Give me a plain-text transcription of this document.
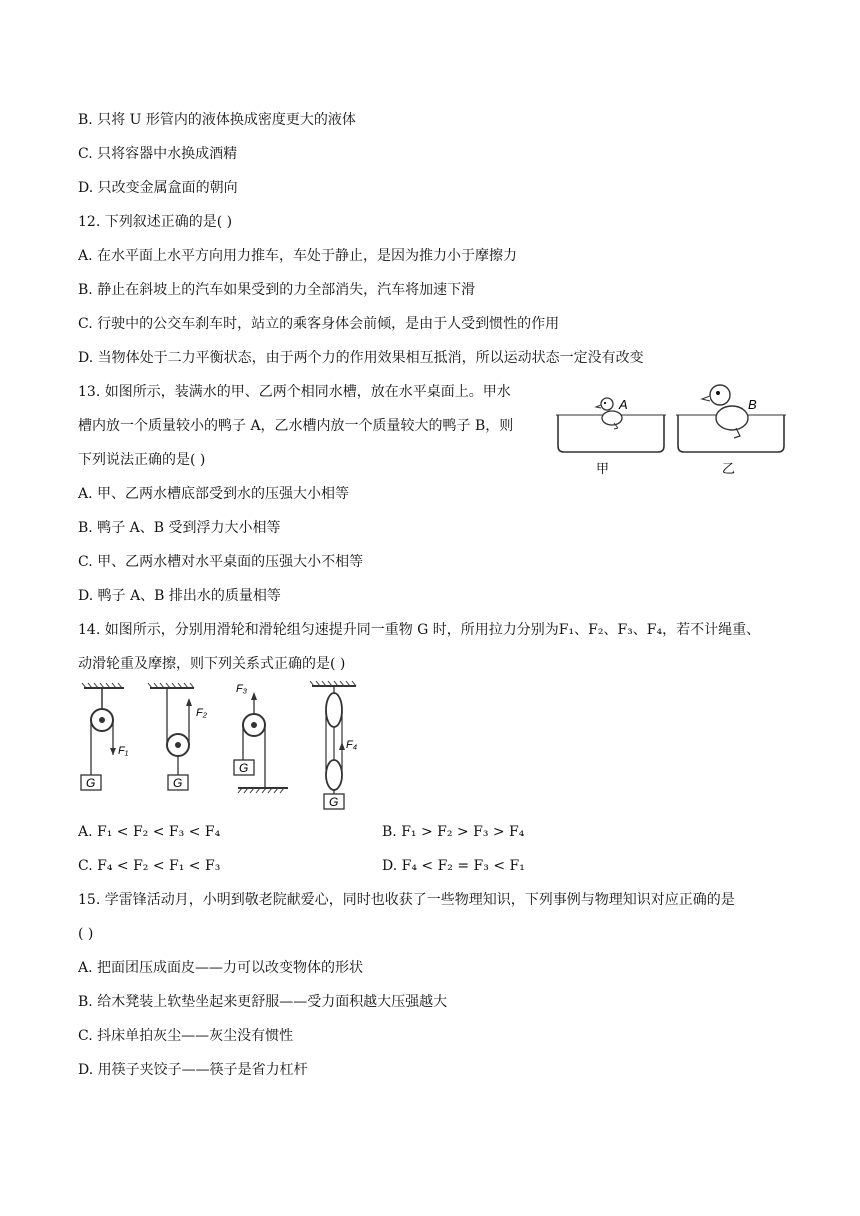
B. 只将 U 形管内的液体换成密度更大的液体
C. 只将容器中水换成酒精
D. 只改变金属盒面的朝向
12. 下列叙述正确的是( )
A. 在水平面上水平方向用力推车，车处于静止，是因为推力小于摩擦力
B. 静止在斜坡上的汽车如果受到的力全部消失，汽车将加速下滑
C. 行驶中的公交车刹车时，站立的乘客身体会前倾，是由于人受到惯性的作用
D. 当物体处于二力平衡状态，由于两个力的作用效果相互抵消，所以运动状态一定没有改变
13. 如图所示，装满水的甲、乙两个相同水槽，放在水平桌面上。甲水
槽内放一个质量较小的鸭子 A，乙水槽内放一个质量较大的鸭子 B，则
下列说法正确的是( )
A
甲
B
乙
A. 甲、乙两水槽底部受到水的压强大小相等
B. 鸭子 A、B 受到浮力大小相等
C. 甲、乙两水槽对水平桌面的压强大小不相等
D. 鸭子 A、B 排出水的质量相等
14. 如图所示，分别用滑轮和滑轮组匀速提升同一重物 G 时，所用拉力分别为F₁、F₂、F₃、F₄，若不计绳重、
动滑轮重及摩擦，则下列关系式正确的是( )
G
F₁
G
F₂
G
F₃
G
F₄
A. F₁ < F₂ < F₃ < F₄	B. F₁ > F₂ > F₃ > F₄
C. F₄ < F₂ < F₁ < F₃	D. F₄ < F₂ = F₃ < F₁
15. 学雷锋活动月，小明到敬老院献爱心，同时也收获了一些物理知识，下列事例与物理知识对应正确的是
( )
A. 把面团压成面皮——力可以改变物体的形状
B. 给木凳装上软垫坐起来更舒服——受力面积越大压强越大
C. 抖床单拍灰尘——灰尘没有惯性
D. 用筷子夹饺子——筷子是省力杠杆
